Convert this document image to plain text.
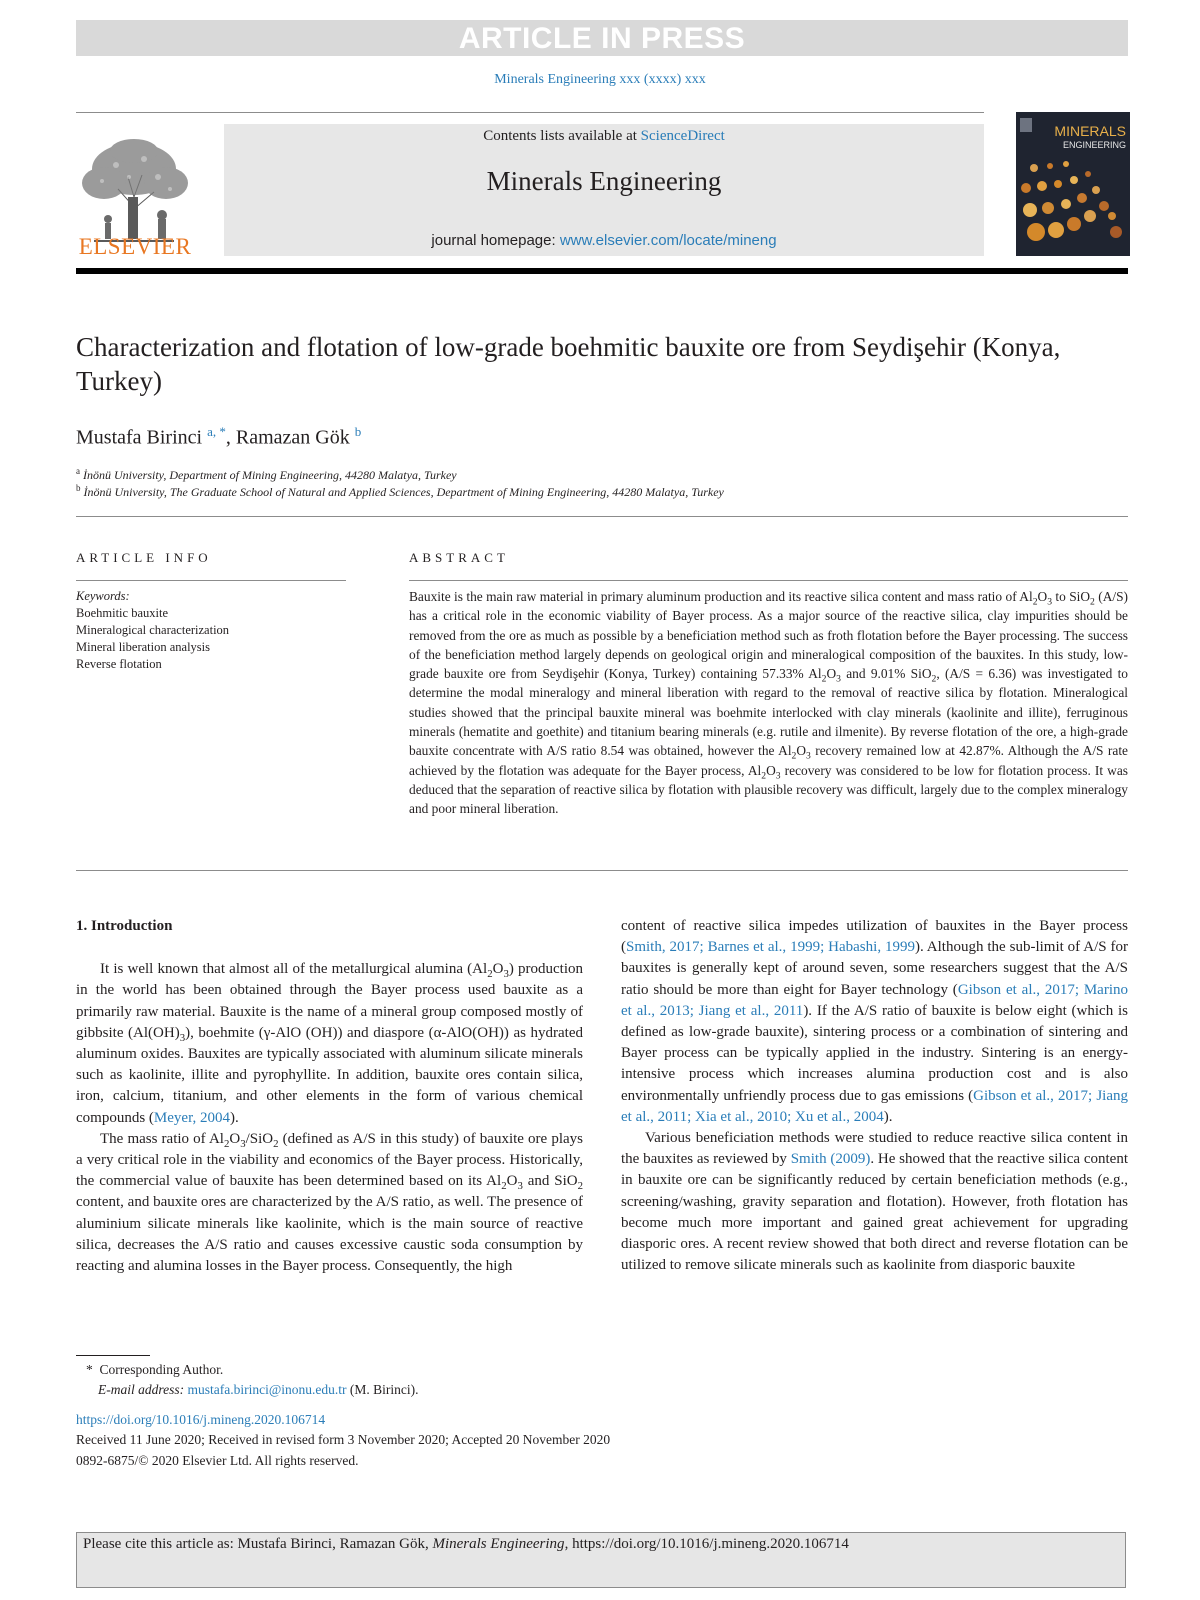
ARTICLE IN PRESS
Minerals Engineering xxx (xxxx) xxx
ELSEVIER
Contents lists available at ScienceDirect
Minerals Engineering
journal homepage: www.elsevier.com/locate/mineng
MINERALS
ENGINEERING
Characterization and flotation of low-grade boehmitic bauxite ore from Seydişehir (Konya, Turkey)
Mustafa Birinci $^{a, *}$, Ramazan Gök $^b$
$^a$ İnönü University, Department of Mining Engineering, 44280 Malatya, Turkey
$^b$ İnönü University, The Graduate School of Natural and Applied Sciences, Department of Mining Engineering, 44280 Malatya, Turkey
ARTICLE INFO	ABSTRACT
Keywords:
Boehmitic bauxite
Mineralogical characterization
Mineral liberation analysis
Reverse flotation
Bauxite is the main raw material in primary aluminum production and its reactive silica content and mass ratio of $Al_2O_3$ to SiO$_2$ (A/S) has a critical role in the economic viability of Bayer process. As a major source of the reactive silica, clay impurities should be removed from the ore as much as possible by a beneficiation method such as froth flotation before the Bayer processing. The success of the beneficiation method largely depends on geological origin and mineralogical composition of the bauxites. In this study, low-grade bauxite ore from Seydişehir (Konya, Turkey) containing 57.33% $Al_2O_3$ and 9.01% SiO$_2$, (A/S = 6.36) was investigated to determine the modal mineralogy and mineral liberation with regard to the removal of reactive silica by flotation. Mineralogical studies showed that the principal bauxite mineral was boehmite interlocked with clay minerals (kaolinite and illite), ferruginous minerals (hematite and goethite) and titanium bearing minerals (e.g. rutile and ilmenite). By reverse flotation of the ore, a high-grade bauxite concentrate with A/S ratio 8.54 was obtained, however the $Al_2O_3$ recovery remained low at 42.87%. Although the A/S rate achieved by the flotation was adequate for the Bayer process, $Al_2O_3$ recovery was considered to be low for flotation process. It was deduced that the separation of reactive silica by flotation with plausible recovery was difficult, largely due to the complex mineralogy and poor mineral liberation.
1. Introduction

It is well known that almost all of the metallurgical alumina $(Al_2O_3)$ production in the world has been obtained through the Bayer process used bauxite as a primarily raw material. Bauxite is the name of a mineral group composed mostly of gibbsite $(Al(OH)_3)$, boehmite (γ-AlO (OH)) and diaspore (α-AlO(OH)) as hydrated aluminum oxides. Bauxites are typically associated with aluminum silicate minerals such as kaolinite, illite and pyrophyllite. In addition, bauxite ores contain silica, iron, calcium, titanium, and other elements in the form of various chemical compounds (Meyer, 2004).

The mass ratio of $Al_2O_3/SiO_2$ (defined as A/S in this study) of bauxite ore plays a very critical role in the viability and economics of the Bayer process. Historically, the commercial value of bauxite has been determined based on its $Al_2O_3$ and SiO$_2$ content, and bauxite ores are characterized by the A/S ratio, as well. The presence of aluminium silicate minerals like kaolinite, which is the main source of reactive silica, decreases the A/S ratio and causes excessive caustic soda consumption by reacting and alumina losses in the Bayer process. Consequently, the high

content of reactive silica impedes utilization of bauxites in the Bayer process (Smith, 2017; Barnes et al., 1999; Habashi, 1999). Although the sub-limit of A/S for bauxites is generally kept of around seven, some researchers suggest that the A/S ratio should be more than eight for Bayer technology (Gibson et al., 2017; Marino et al., 2013; Jiang et al., 2011). If the A/S ratio of bauxite is below eight (which is defined as low-grade bauxite), sintering process or a combination of sintering and Bayer process can be typically applied in the industry. Sintering is an energy-intensive process which increases alumina production cost and is also environmentally unfriendly process due to gas emissions (Gibson et al., 2017; Jiang et al., 2011; Xia et al., 2010; Xu et al., 2004).

Various beneficiation methods were studied to reduce reactive silica content in the bauxites as reviewed by Smith (2009). He showed that the reactive silica content in bauxite ore can be significantly reduced by certain beneficiation methods (e.g., screening/washing, gravity separation and flotation). However, froth flotation has become much more important and gained great achievement for upgrading diasporic ores. A recent review showed that both direct and reverse flotation can be utilized to remove silicate minerals such as kaolinite from diasporic bauxite

* Corresponding Author.
E-mail address: mustafa.birinci@inonu.edu.tr (M. Birinci).
https://doi.org/10.1016/j.mineng.2020.106714
Received 11 June 2020; Received in revised form 3 November 2020; Accepted 20 November 2020
0892-6875/© 2020 Elsevier Ltd. All rights reserved.
Please cite this article as: Mustafa Birinci, Ramazan Gök, Minerals Engineering, https://doi.org/10.1016/j.mineng.2020.106714
